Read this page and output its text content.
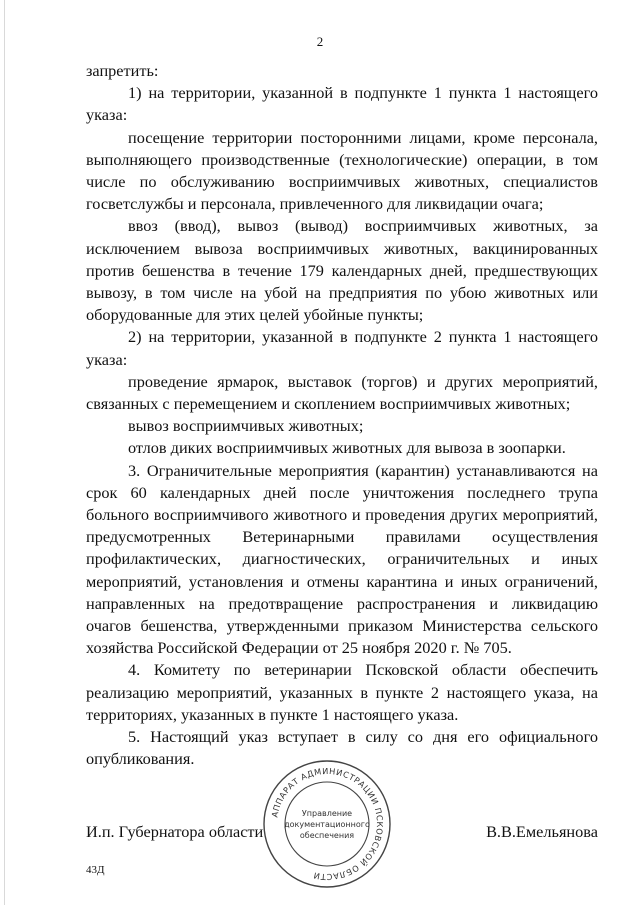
2

запретить:

1) на территории, указанной в подпункте 1 пункта 1 настоящего указа:

посещение территории посторонними лицами, кроме персонала, выполняющего производственные (технологические) операции, в том числе по обслуживанию восприимчивых животных, специалистов госветслужбы и персонала, привлеченного для ликвидации очага;

ввоз (ввод), вывоз (вывод) восприимчивых животных, за исключением вывоза восприимчивых животных, вакцинированных против бешенства в течение 179 календарных дней, предшествующих вывозу, в том числе на убой на предприятия по убою животных или оборудованные для этих целей убойные пункты;

2) на территории, указанной в подпункте 2 пункта 1 настоящего указа:

проведение ярмарок, выставок (торгов) и других мероприятий, связанных с перемещением и скоплением восприимчивых животных;

вывоз восприимчивых животных;

отлов диких восприимчивых животных для вывоза в зоопарки.

3. Ограничительные мероприятия (карантин) устанавливаются на срок 60 календарных дней после уничтожения последнего трупа больного восприимчивого животного и проведения других мероприятий, предусмотренных Ветеринарными правилами осуществления профилактических, диагностических, ограничительных и иных мероприятий, установления и отмены карантина и иных ограничений, направленных на предотвращение распространения и ликвидацию очагов бешенства, утвержденными приказом Министерства сельского хозяйства Российской Федерации от 25 ноября 2020 г. № 705.

4. Комитету по ветеринарии Псковской области обеспечить реализацию мероприятий, указанных в пункте 2 настоящего указа, на территориях, указанных в пункте 1 настоящего указа.

5. Настоящий указ вступает в силу со дня его официального опубликования.

И.п. Губернатора области	В.В.Емельянова
АППАРАТ АДМИНИСТРАЦИИ ПСКОВСКОЙ ОБЛАСТИ
Управление
документационного
обеспечения
43Д
